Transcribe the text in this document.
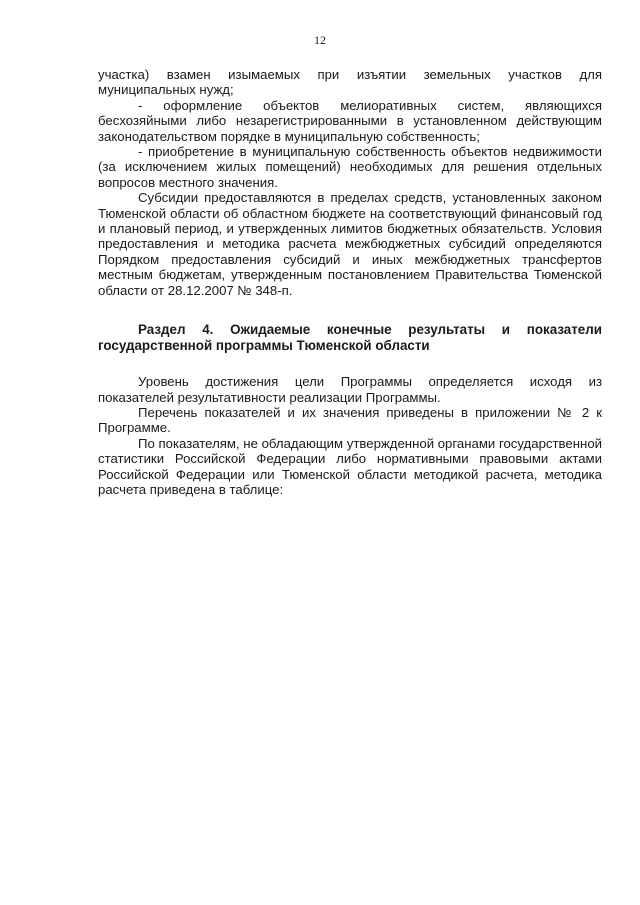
12
участка) взамен изымаемых при изъятии земельных участков для муниципальных нужд;
- оформление объектов мелиоративных систем, являющихся бесхозяйными либо незарегистрированными в установленном действующим законодательством порядке в муниципальную собственность;
- приобретение в муниципальную собственность объектов недвижимости (за исключением жилых помещений) необходимых для решения отдельных вопросов местного значения.
Субсидии предоставляются в пределах средств, установленных законом Тюменской области об областном бюджете на соответствующий финансовый год и плановый период, и утвержденных лимитов бюджетных обязательств. Условия предоставления и методика расчета межбюджетных субсидий определяются Порядком предоставления субсидий и иных межбюджетных трансфертов местным бюджетам, утвержденным постановлением Правительства Тюменской области от 28.12.2007 № 348-п.
Раздел 4. Ожидаемые конечные результаты и показатели государственной программы Тюменской области
Уровень достижения цели Программы определяется исходя из показателей результативности реализации Программы.
Перечень показателей и их значения приведены в приложении № 2 к Программе.
По показателям, не обладающим утвержденной органами государственной статистики Российской Федерации либо нормативными правовыми актами Российской Федерации или Тюменской области методикой расчета, методика расчета приведена в таблице:
